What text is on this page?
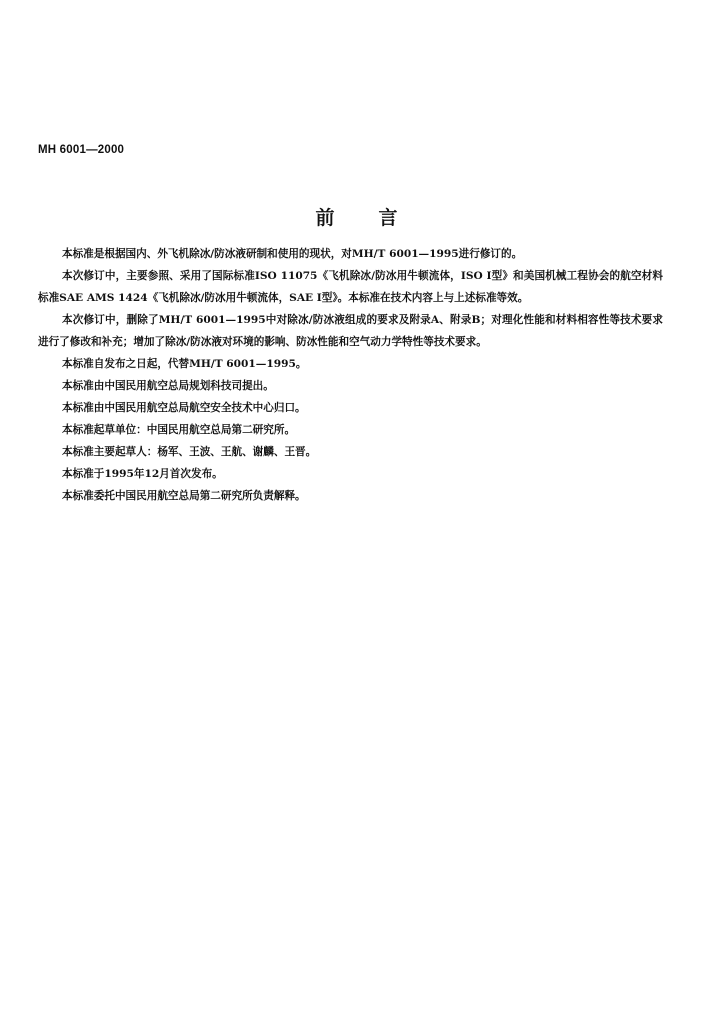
MH 6001—2000
前 言

本标准是根据国内、外飞机除冰/防冰液研制和使用的现状，对MH/T 6001—1995进行修订的。

本次修订中，主要参照、采用了国际标准ISO 11075《飞机除冰/防冰用牛顿流体，ISO Ⅰ型》和美国机械工程协会的航空材料标准SAE AMS 1424《飞机除冰/防冰用牛顿流体，SAE Ⅰ型》。本标准在技术内容上与上述标准等效。

本次修订中，删除了MH/T 6001—1995中对除冰/防冰液组成的要求及附录A、附录B；对理化性能和材料相容性等技术要求进行了修改和补充；增加了除冰/防冰液对环境的影响、防冰性能和空气动力学特性等技术要求。

本标准自发布之日起，代替MH/T 6001—1995。

本标准由中国民用航空总局规划科技司提出。

本标准由中国民用航空总局航空安全技术中心归口。

本标准起草单位：中国民用航空总局第二研究所。

本标准主要起草人：杨军、王波、王航、谢麟、王晋。

本标准于1995年12月首次发布。

本标准委托中国民用航空总局第二研究所负责解释。
